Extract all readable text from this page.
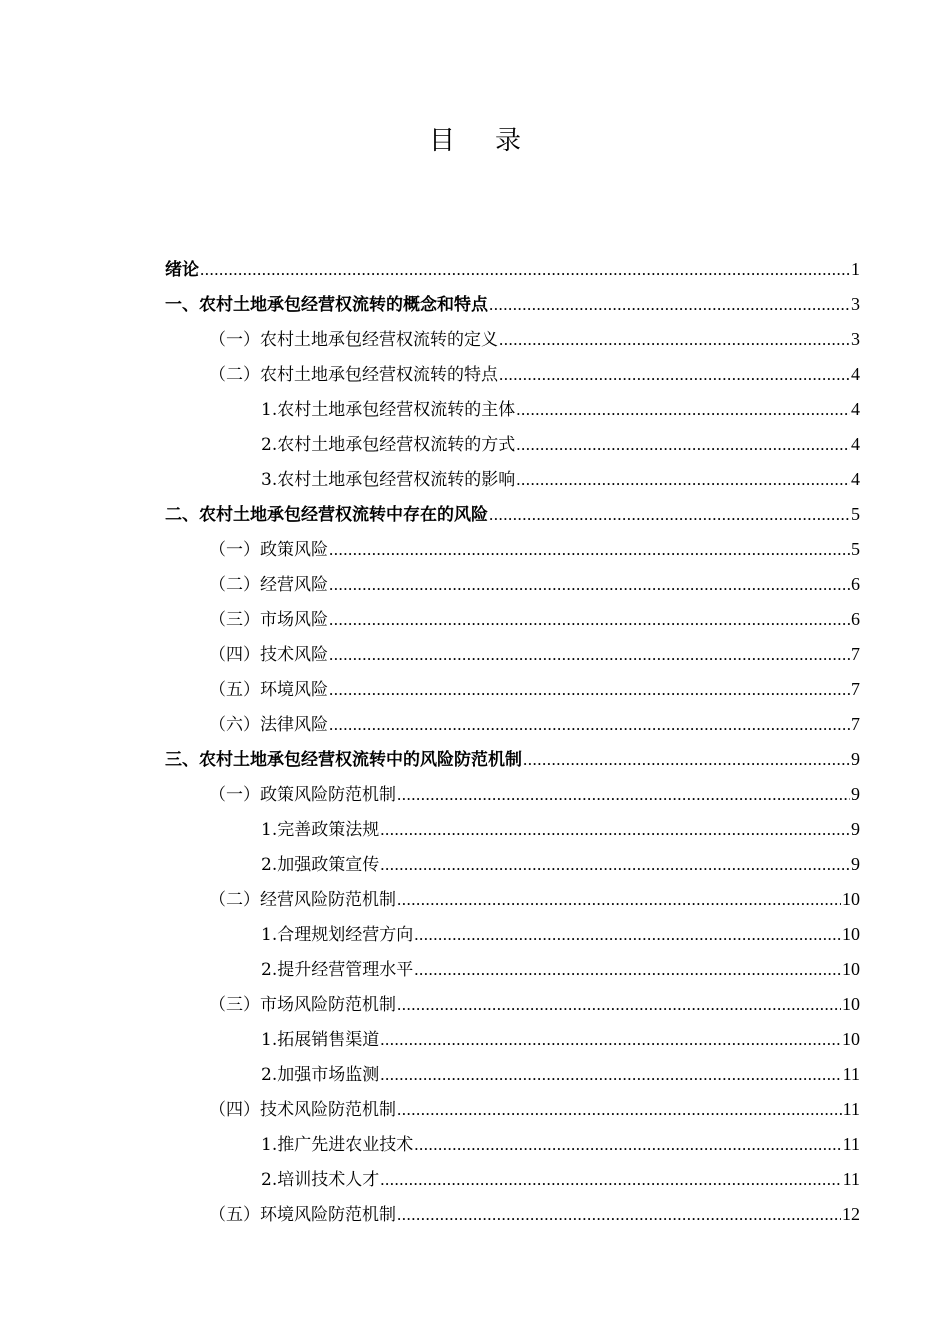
目录
绪论 .....	1
一、农村土地承包经营权流转的概念和特点 .....	3
（一）农村土地承包经营权流转的定义 .....	3
（二）农村土地承包经营权流转的特点 .....	4
1.农村土地承包经营权流转的主体 .....	4
2.农村土地承包经营权流转的方式 .....	4
3.农村土地承包经营权流转的影响 .....	4
二、农村土地承包经营权流转中存在的风险 .....	5
（一）政策风险 .....	5
（二）经营风险 .....	6
（三）市场风险 .....	6
（四）技术风险 .....	7
（五）环境风险 .....	7
（六）法律风险 .....	7
三、农村土地承包经营权流转中的风险防范机制 .....	9
（一）政策风险防范机制 .....	9
1.完善政策法规 .....	9
2.加强政策宣传 .....	9
（二）经营风险防范机制 .....	10
1.合理规划经营方向 .....	10
2.提升经营管理水平 .....	10
（三）市场风险防范机制 .....	10
1.拓展销售渠道 .....	10
2.加强市场监测 .....	11
（四）技术风险防范机制 .....	11
1.推广先进农业技术 .....	11
2.培训技术人才 .....	11
（五）环境风险防范机制 .....	12
